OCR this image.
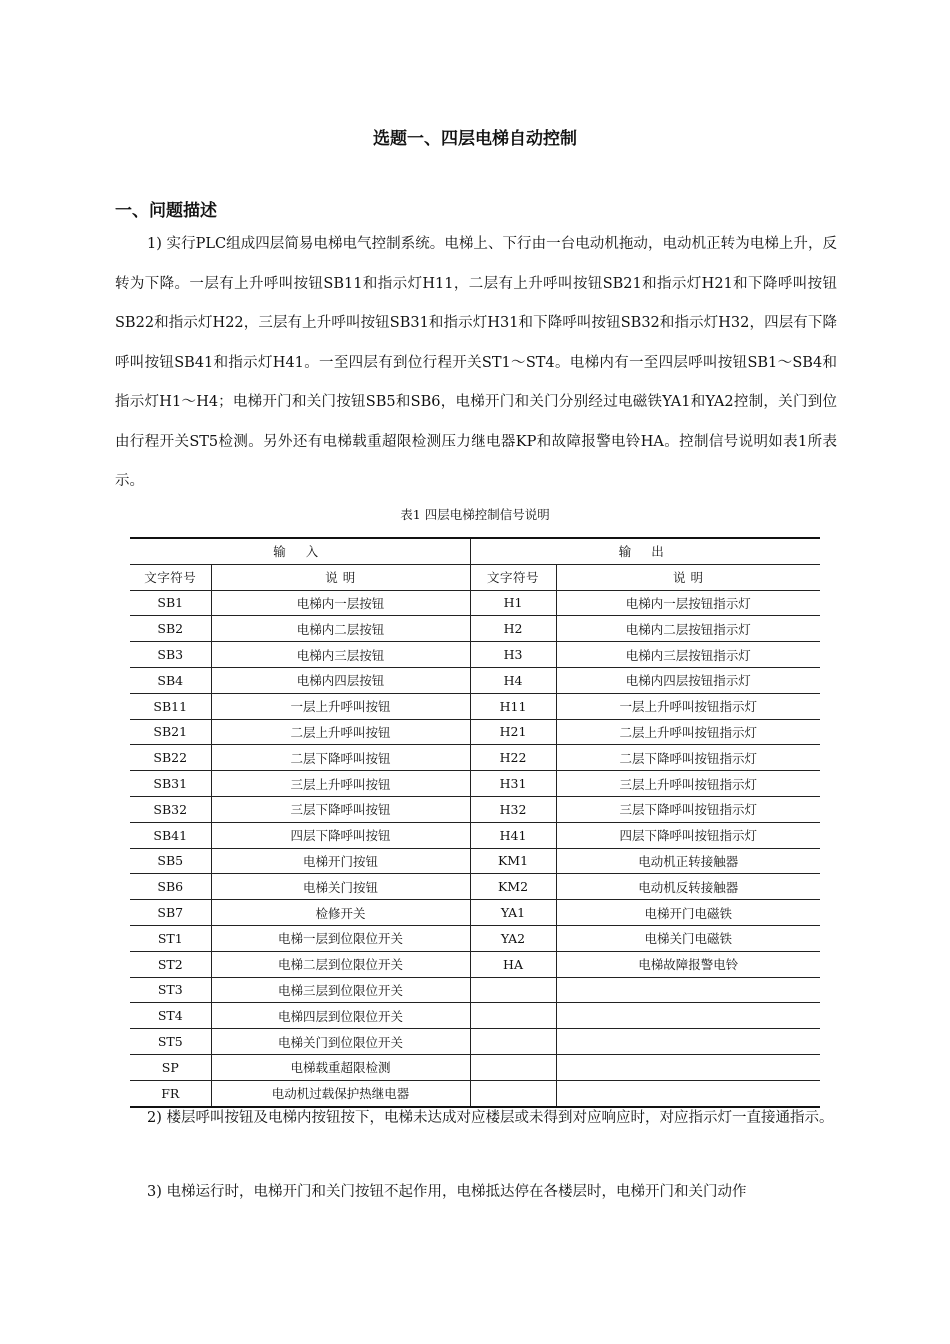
选题一、四层电梯自动控制
一、问题描述
1) 实行PLC组成四层简易电梯电气控制系统。电梯上、下行由一台电动机拖动，电动机正转为电梯上升，反转为下降。一层有上升呼叫按钮SB11和指示灯H11，二层有上升呼叫按钮SB21和指示灯H21和下降呼叫按钮SB22和指示灯H22，三层有上升呼叫按钮SB31和指示灯H31和下降呼叫按钮SB32和指示灯H32，四层有下降呼叫按钮SB41和指示灯H41。一至四层有到位行程开关ST1～ST4。电梯内有一至四层呼叫按钮SB1～SB4和指示灯H1～H4；电梯开门和关门按钮SB5和SB6，电梯开门和关门分别经过电磁铁YA1和YA2控制，关门到位由行程开关ST5检测。另外还有电梯载重超限检测压力继电器KP和故障报警电铃HA。控制信号说明如表1所表示。
表1 四层电梯控制信号说明
输 入		输 出	
文字符号	说 明	文字符号	说 明
SB1	电梯内一层按钮	H1	电梯内一层按钮指示灯
SB2	电梯内二层按钮	H2	电梯内二层按钮指示灯
SB3	电梯内三层按钮	H3	电梯内三层按钮指示灯
SB4	电梯内四层按钮	H4	电梯内四层按钮指示灯
SB11	一层上升呼叫按钮	H11	一层上升呼叫按钮指示灯
SB21	二层上升呼叫按钮	H21	二层上升呼叫按钮指示灯
SB22	二层下降呼叫按钮	H22	二层下降呼叫按钮指示灯
SB31	三层上升呼叫按钮	H31	三层上升呼叫按钮指示灯
SB32	三层下降呼叫按钮	H32	三层下降呼叫按钮指示灯
SB41	四层下降呼叫按钮	H41	四层下降呼叫按钮指示灯
SB5	电梯开门按钮	KM1	电动机正转接触器
SB6	电梯关门按钮	KM2	电动机反转接触器
SB7	检修开关	YA1	电梯开门电磁铁
ST1	电梯一层到位限位开关	YA2	电梯关门电磁铁
ST2	电梯二层到位限位开关	HA	电梯故障报警电铃
ST3	电梯三层到位限位开关		
ST4	电梯四层到位限位开关		
ST5	电梯关门到位限位开关		
SP	电梯载重超限检测		
FR	电动机过载保护热继电器		
2) 楼层呼叫按钮及电梯内按钮按下，电梯未达成对应楼层或未得到对应响应时，对应指示灯一直接通指示。
3) 电梯运行时，电梯开门和关门按钮不起作用，电梯抵达停在各楼层时，电梯开门和关门动作
